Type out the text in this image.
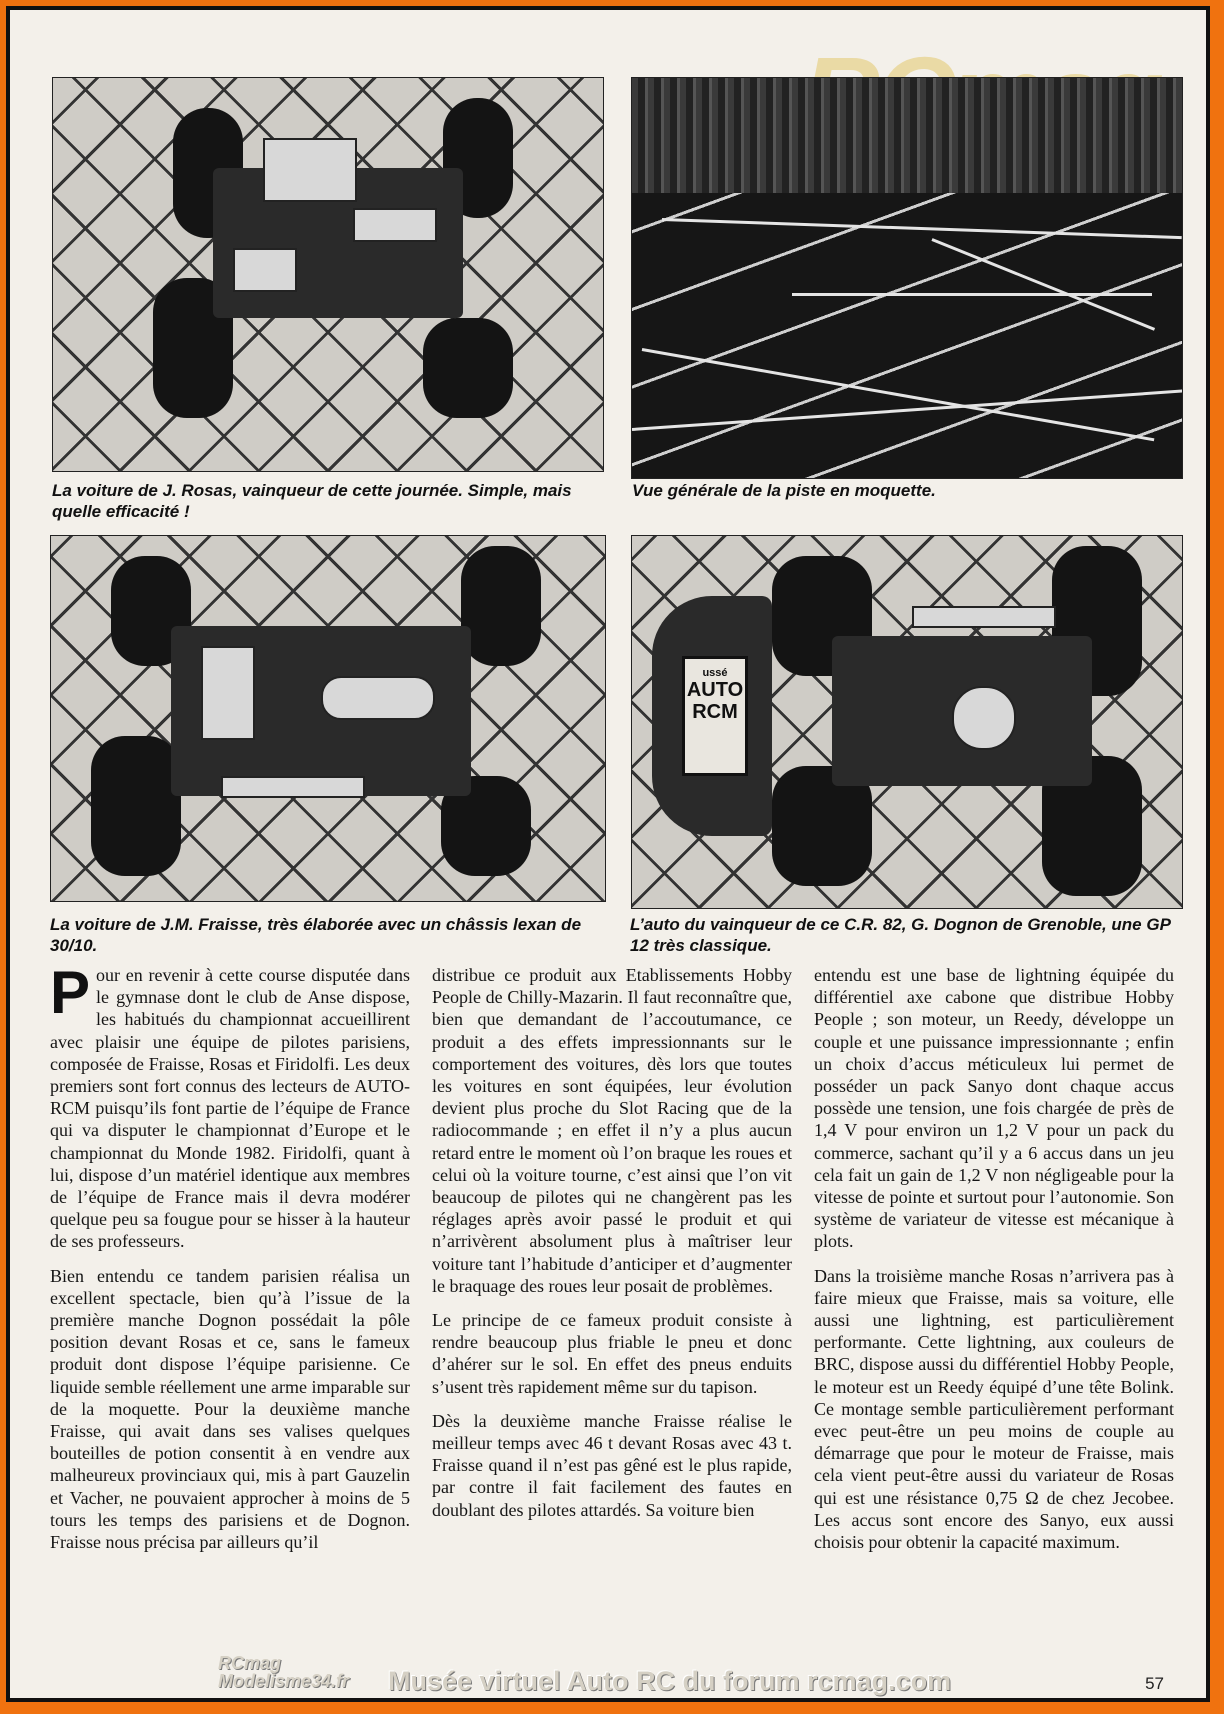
La voiture de J. Rosas, vainqueur de cette journée. Simple, mais quelle efficacité !
Vue générale de la piste en moquette.
ussé
AUTO RCM
La voiture de J.M. Fraisse, très élaborée avec un châssis lexan de 30/10.
L’auto du vainqueur de ce C.R. 82, G. Dognon de Grenoble, une GP 12 très classique.

Pour en revenir à cette course disputée dans le gymnase dont le club de Anse dispose, les habitués du championnat accueillirent avec plaisir une équipe de pilotes parisiens, composée de Fraisse, Rosas et Firidolfi. Les deux premiers sont fort connus des lecteurs de AUTO-RCM puisqu’ils font partie de l’équipe de France qui va disputer le championnat d’Europe et le championnat du Monde 1982. Firidolfi, quant à lui, dispose d’un matériel identique aux membres de l’équipe de France mais il devra modérer quelque peu sa fougue pour se hisser à la hauteur de ses professeurs.

Bien entendu ce tandem parisien réalisa un excellent spectacle, bien qu’à l’issue de la première manche Dognon possédait la pôle position devant Rosas et ce, sans le fameux produit dont dispose l’équipe parisienne. Ce liquide semble réellement une arme imparable sur de la moquette. Pour la deuxième manche Fraisse, qui avait dans ses valises quelques bouteilles de potion consentit à en vendre aux malheureux provinciaux qui, mis à part Gauzelin et Vacher, ne pouvaient approcher à moins de 5 tours les temps des parisiens et de Dognon. Fraisse nous précisa par ailleurs qu’il

distribue ce produit aux Etablissements Hobby People de Chilly-Mazarin. Il faut reconnaître que, bien que demandant de l’accoutumance, ce produit a des effets impressionnants sur le comportement des voitures, dès lors que toutes les voitures en sont équipées, leur évolution devient plus proche du Slot Racing que de la radiocommande ; en effet il n’y a plus aucun retard entre le moment où l’on braque les roues et celui où la voiture tourne, c’est ainsi que l’on vit beaucoup de pilotes qui ne changèrent pas les réglages après avoir passé le produit et qui n’arrivèrent absolument plus à maîtriser leur voiture tant l’habitude d’anticiper et d’augmenter le braquage des roues leur posait de problèmes.

Le principe de ce fameux produit consiste à rendre beaucoup plus friable le pneu et donc d’ahérer sur le sol. En effet des pneus enduits s’usent très rapidement même sur du tapison.

Dès la deuxième manche Fraisse réalise le meilleur temps avec 46 t devant Rosas avec 43 t. Fraisse quand il n’est pas gêné est le plus rapide, par contre il fait facilement des fautes en doublant des pilotes attardés. Sa voiture bien

entendu est une base de lightning équipée du différentiel axe cabone que distribue Hobby People ; son moteur, un Reedy, développe un couple et une puissance impressionnante ; enfin un choix d’accus méticuleux lui permet de posséder un pack Sanyo dont chaque accus possède une tension, une fois chargée de près de 1,4 V pour environ un 1,2 V pour un pack du commerce, sachant qu’il y a 6 accus dans un jeu cela fait un gain de 1,2 V non négligeable pour la vitesse de pointe et surtout pour l’autonomie. Son système de variateur de vitesse est mécanique à plots.

Dans la troisième manche Rosas n’arrivera pas à faire mieux que Fraisse, mais sa voiture, elle aussi une lightning, est particulièrement performante. Cette lightning, aux couleurs de BRC, dispose aussi du différentiel Hobby People, le moteur est un Reedy équipé d’une tête Bolink. Ce montage semble particulièrement performant evec peut-être un peu moins de couple au démarrage que pour le moteur de Fraisse, mais cela vient peut-être aussi du variateur de Rosas qui est une résistance 0,75 Ω de chez Jecobee. Les accus sont encore des Sanyo, eux aussi choisis pour obtenir la capacité maximum.

RCmag
Modelisme34.fr Musée virtuel Auto RC du forum rcmag.com	57
